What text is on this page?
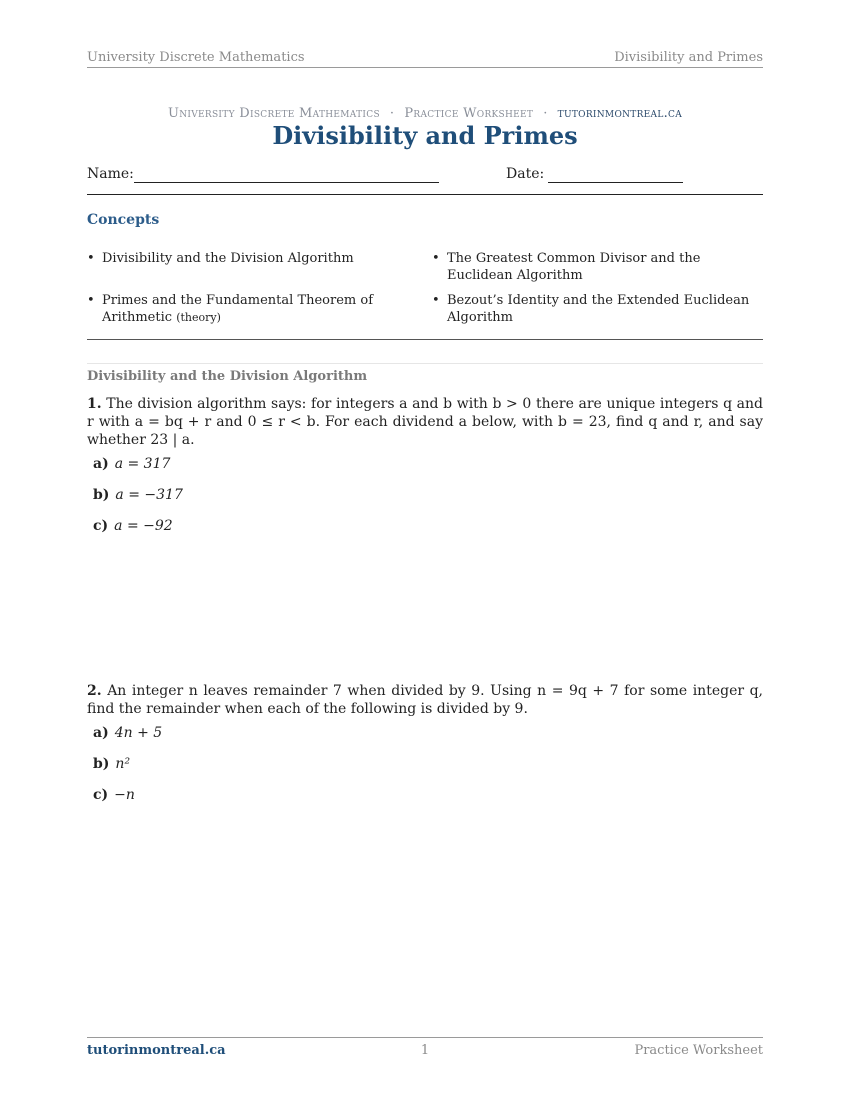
University Discrete Mathematics	Divisibility and Primes
University Discrete Mathematics · Practice Worksheet · tutorinmontreal.ca
Divisibility and Primes
Name:	Date:
Concepts
• Divisibility and the Division Algorithm	• The Greatest Common Divisor and the Euclidean Algorithm
• Primes and the Fundamental Theorem of Arithmetic (theory)
• Bezout’s Identity and the Extended Euclidean Algorithm
Divisibility and the Division Algorithm
1. The division algorithm says: for integers a and b with b > 0 there are unique integers q and r with a = bq + r and 0 ≤ r < b. For each dividend a below, with b = 23, find q and r, and say whether 23 | a.
a) a = 317
b) a = −317
c) a = −92
2. An integer n leaves remainder 7 when divided by 9. Using n = 9q + 7 for some integer q, find the remainder when each of the following is divided by 9.
a) 4n + 5
b) n²
c) −n
tutorinmontreal.ca	1	Practice Worksheet
